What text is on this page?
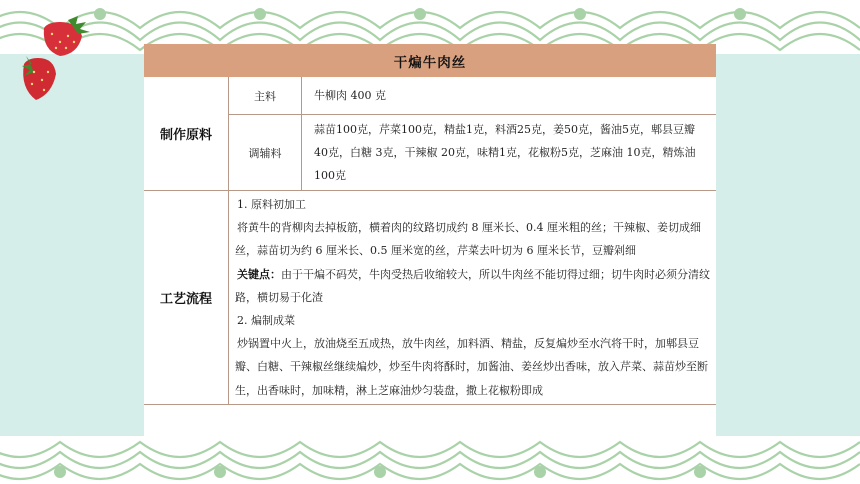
干煸牛肉丝
制作原料	主料	牛柳肉 400 克
	调辅料	蒜苗100克，芹菜100克，精盐1克，料酒25克，姜50克，酱油5克，郫县豆瓣 40克，白糖 3克，干辣椒 20克，味精1克，花椒粉5克，芝麻油 10克，精炼油 100克
工艺流程	1. 原料初加工
将黄牛的背柳肉去掉板筋，横着肉的纹路切成约 8 厘米长、0.4 厘米粗的丝；干辣椒、姜切成细丝，蒜苗切为约 6 厘米长、0.5 厘米宽的丝，芹菜去叶切为 6 厘米长节，豆瓣剁细
关键点：由于干煸不码芡，牛肉受热后收缩较大，所以牛肉丝不能切得过细；切牛肉时必须分清纹路，横切易于化渣
2. 煸制成菜
炒锅置中火上，放油烧至五成热，放牛肉丝，加料酒、精盐，反复煸炒至水汽将干时，加郫县豆瓣、白糖、干辣椒丝继续煸炒，炒至牛肉将酥时，加酱油、姜丝炒出香味，放入芹菜、蒜苗炒至断生，出香味时，加味精，淋上芝麻油炒匀装盘，撒上花椒粉即成	
